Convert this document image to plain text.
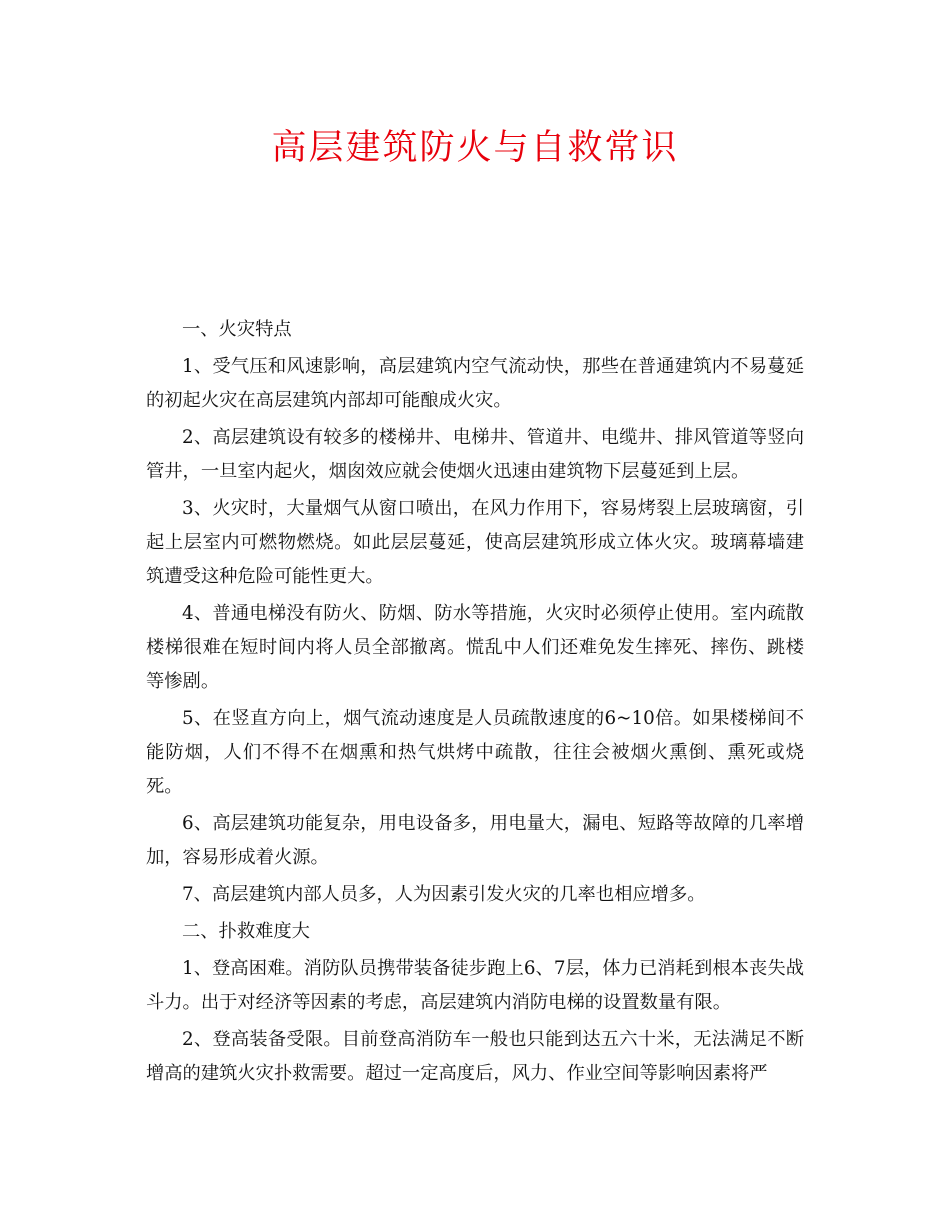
高层建筑防火与自救常识

一、火灾特点

1、受气压和风速影响，高层建筑内空气流动快，那些在普通建筑内不易蔓延的初起火灾在高层建筑内部却可能酿成火灾。

2、高层建筑设有较多的楼梯井、电梯井、管道井、电缆井、排风管道等竖向管井，一旦室内起火，烟囱效应就会使烟火迅速由建筑物下层蔓延到上层。

3、火灾时，大量烟气从窗口喷出，在风力作用下，容易烤裂上层玻璃窗，引起上层室内可燃物燃烧。如此层层蔓延，使高层建筑形成立体火灾。玻璃幕墙建筑遭受这种危险可能性更大。

4、普通电梯没有防火、防烟、防水等措施，火灾时必须停止使用。室内疏散楼梯很难在短时间内将人员全部撤离。慌乱中人们还难免发生摔死、摔伤、跳楼等惨剧。

5、在竖直方向上，烟气流动速度是人员疏散速度的6~10倍。如果楼梯间不能防烟，人们不得不在烟熏和热气烘烤中疏散，往往会被烟火熏倒、熏死或烧死。

6、高层建筑功能复杂，用电设备多，用电量大，漏电、短路等故障的几率增加，容易形成着火源。

7、高层建筑内部人员多，人为因素引发火灾的几率也相应增多。

二、扑救难度大

1、登高困难。消防队员携带装备徒步跑上6、7层，体力已消耗到根本丧失战斗力。出于对经济等因素的考虑，高层建筑内消防电梯的设置数量有限。

2、登高装备受限。目前登高消防车一般也只能到达五六十米，无法满足不断增高的建筑火灾扑救需要。超过一定高度后，风力、作业空间等影响因素将严
